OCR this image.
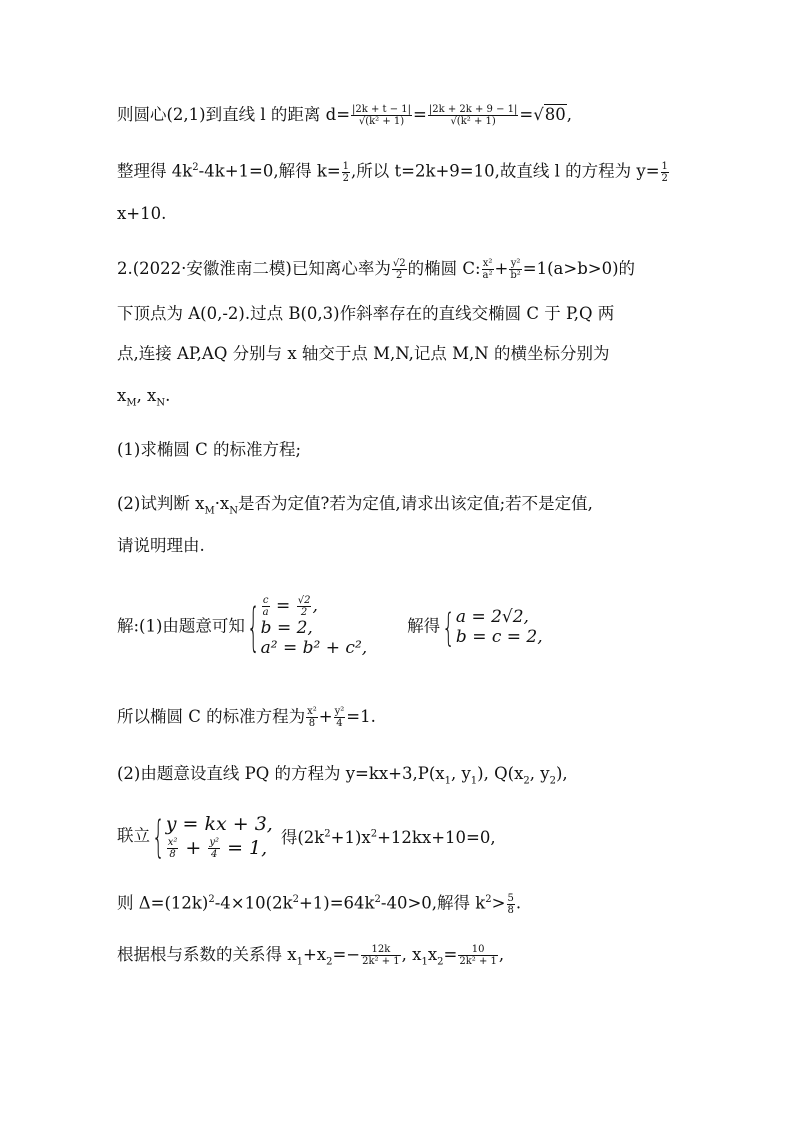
则圆心(2,1)到直线 l 的距离 $d= \frac{|2k + t - 1|}{\text{√(k² + 1)}} = \frac{|2k + 2k + 9 - 1|}{\text{√(k² + 1)}} =√80$,
整理得 $4k^2-4k+1=0$,解得 $k= \frac{1}{2}$ ,所以 t=2k+9=10,故直线 l 的方程为 $y= \frac{1}{2}$
x+10.
2.(2022·安徽淮南二模)已知离心率为 $\frac{√2}{2}$ 的椭圆 C: $\frac{\text{x²}}{\text{a²}} + \frac{\text{y²}}{\text{b²}} =1(a>b>0)$的
下顶点为 A(0,-2).过点 B(0,3)作斜率存在的直线交椭圆 C 于 P,Q 两
点,连接 AP,AQ 分别与 x 轴交于点 M,N,记点 M,N 的横坐标分别为
$x_M$, $x_N$.
(1)求椭圆 C 的标准方程;
(2)试判断 $x_M\cdot x_N$是否为定值?若为定值,请求出该定值;若不是定值,
请说明理由.
解:(1)由题意可知 { $\frac{c}{a} = \frac{√2}{2}$ ,
b = 2,
a² = b² + c²,
解得 { a = 2√2,
b = c = 2,
所以椭圆 C 的标准方程为 $\frac{\text{x²}}{8} + \frac{\text{y²}}{4} =1$.
(2)由题意设直线 PQ 的方程为 $y=kx+3,P(x_1$, $y_1$), $Q(x_2$, $y_2$),
联立 { y = kx + 3,
$\frac{\text{x²}}{8} + \frac{\text{y²}}{4} = 1$, 得$(2k^2+1)x^2+12kx+10=0$,
则 $\Delta=(12k)^2-4\times 10(2k^2+1)=64k^2-40>0$,解得 $k^2> \frac{5}{8}$ .
根据根与系数的关系得 $x_1+x_2=- \frac{12k}{\text{2k² + 1}}$ , $x_1x_2= \frac{10}{\text{2k² + 1}}$ ,
